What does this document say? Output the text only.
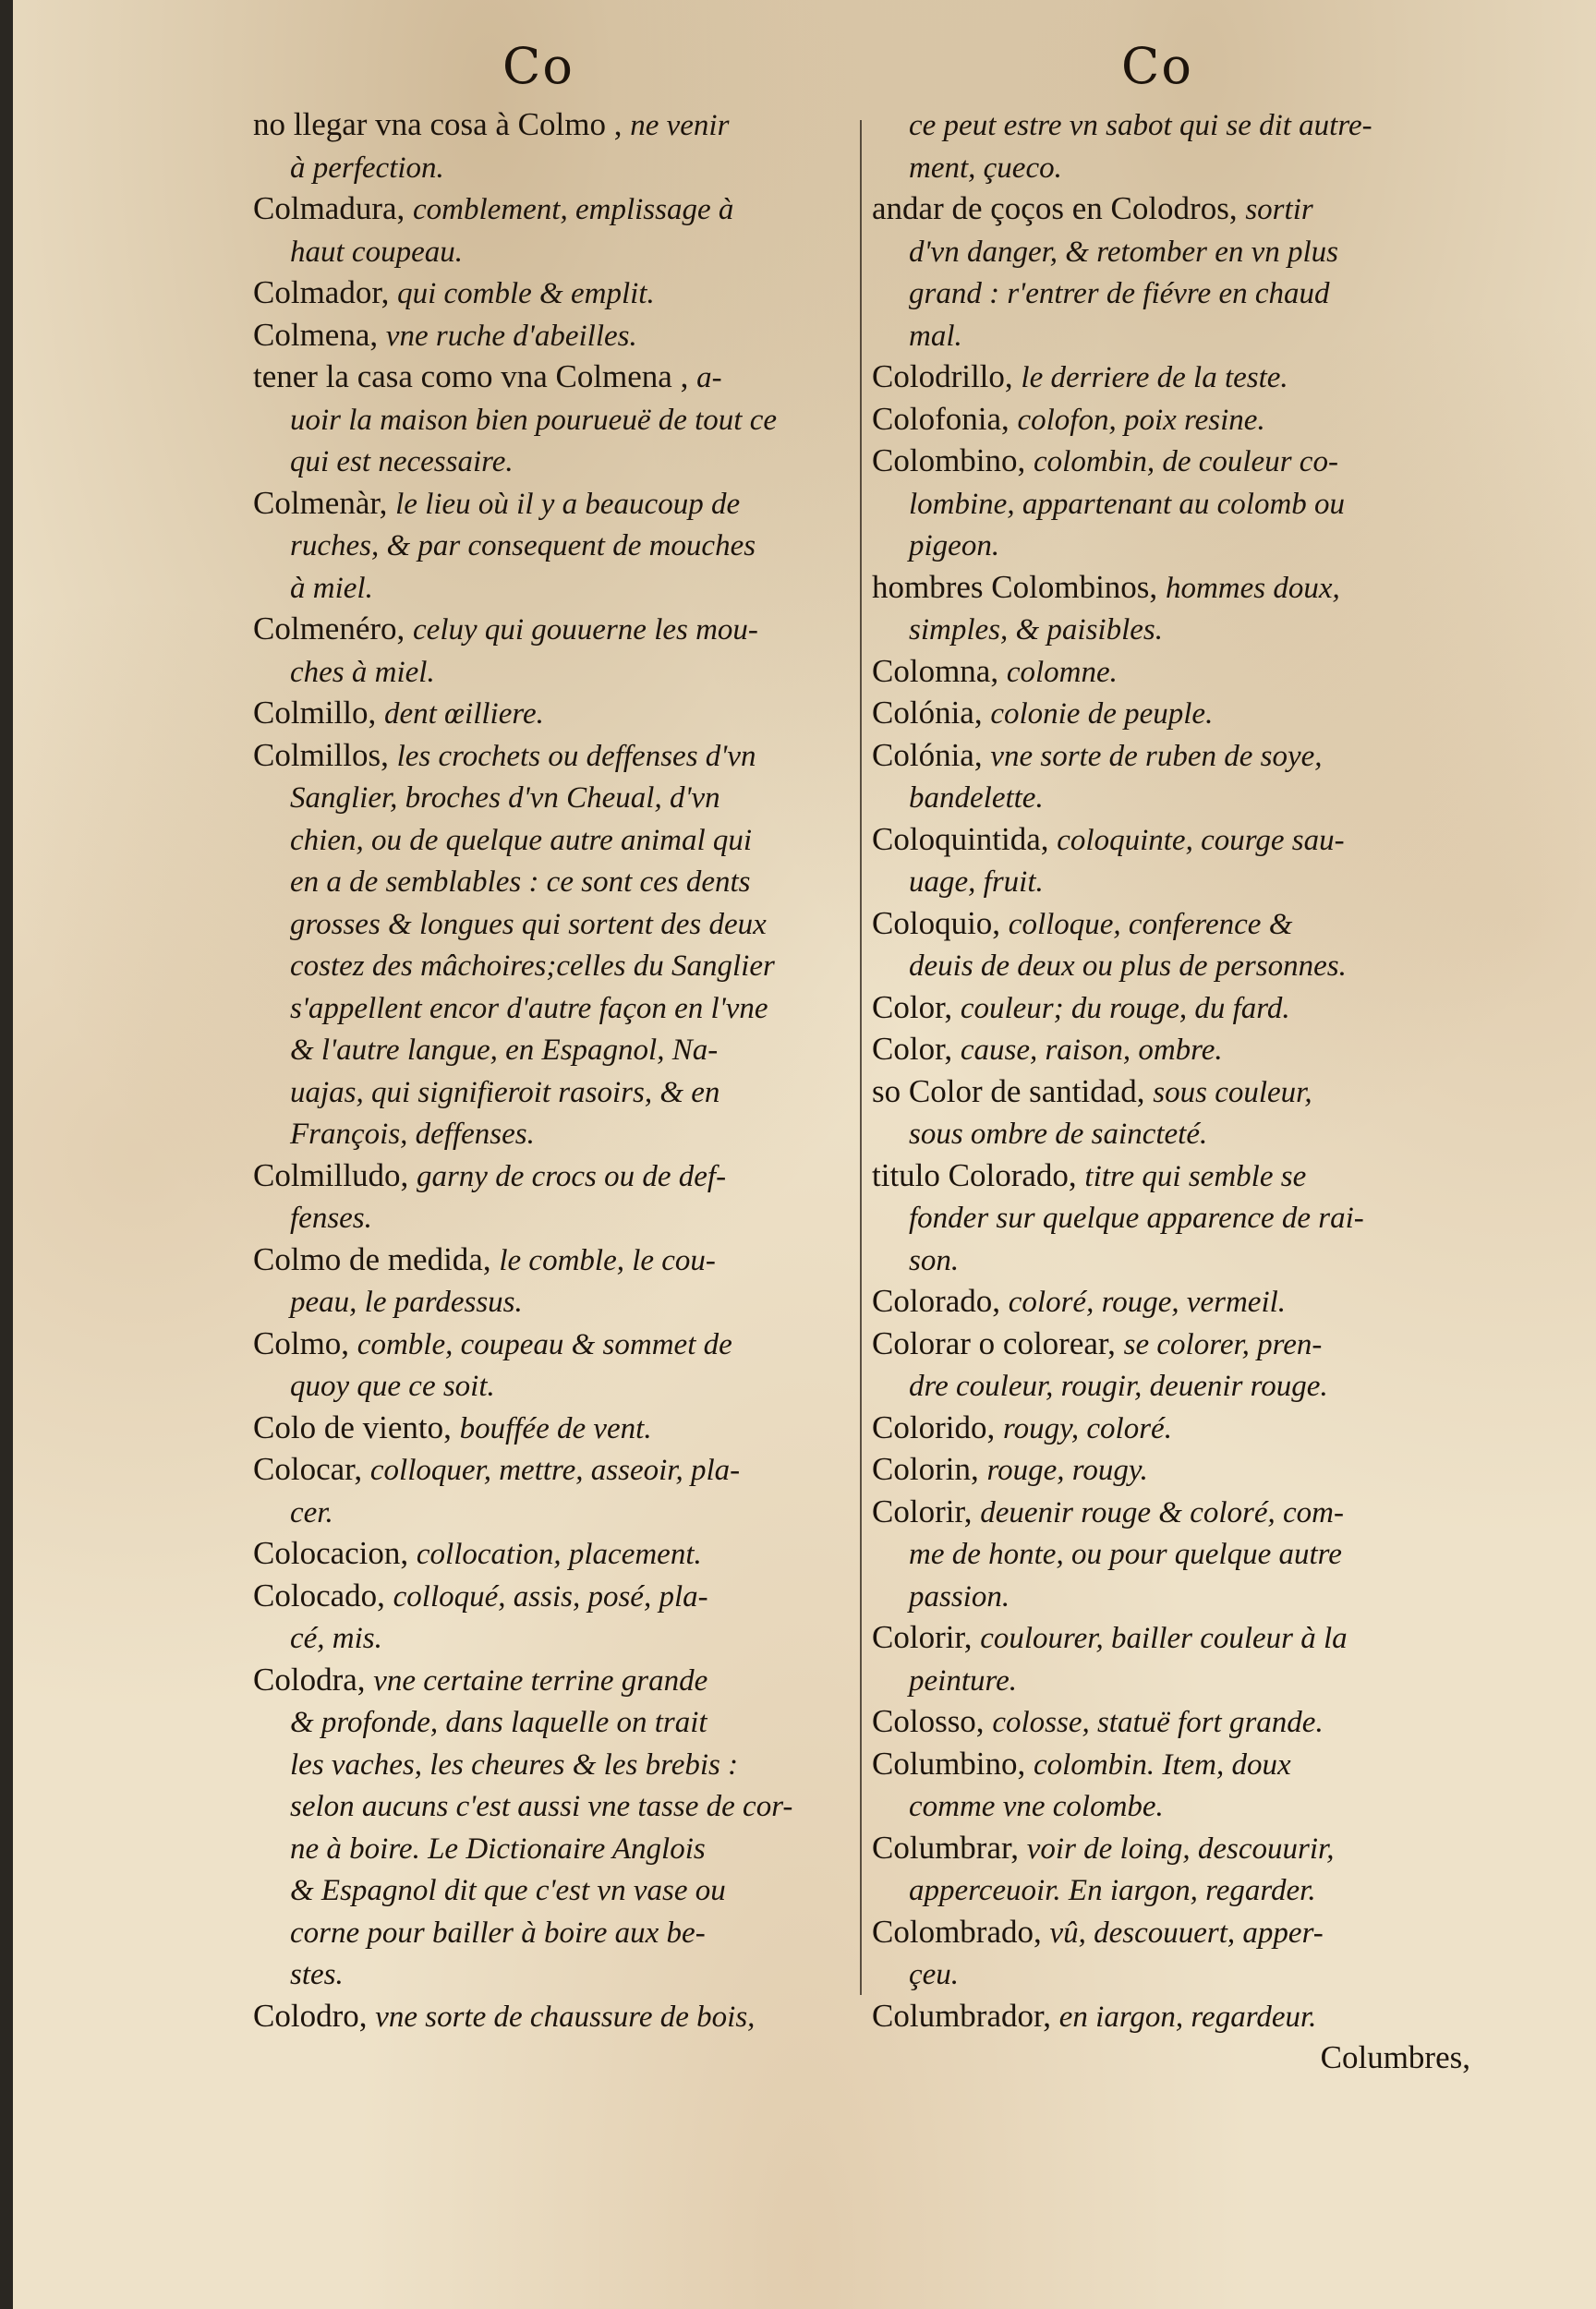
Co	Co
no llegar vna cosa à Colmo , ne venir
à perfection.
Colmadura, comblement, emplissage à
haut coupeau.
Colmador, qui comble & emplit.
Colmena, vne ruche d'abeilles.
tener la casa como vna Colmena , a-
uoir la maison bien pourueuë de tout ce
qui est necessaire.
Colmenàr, le lieu où il y a beaucoup de
ruches, & par consequent de mouches
à miel.
Colmenéro, celuy qui gouuerne les mou-
ches à miel.
Colmillo, dent œilliere.
Colmillos, les crochets ou deffenses d'vn
Sanglier, broches d'vn Cheual, d'vn
chien, ou de quelque autre animal qui
en a de semblables : ce sont ces dents
grosses & longues qui sortent des deux
costez des mâchoires;celles du Sanglier
s'appellent encor d'autre façon en l'vne
& l'autre langue, en Espagnol, Na-
uajas, qui signifieroit rasoirs, & en
François, deffenses.
Colmilludo, garny de crocs ou de def-
fenses.
Colmo de medida, le comble, le cou-
peau, le pardessus.
Colmo, comble, coupeau & sommet de
quoy que ce soit.
Colo de viento, bouffée de vent.
Colocar, colloquer, mettre, asseoir, pla-
cer.
Colocacion, collocation, placement.
Colocado, colloqué, assis, posé, pla-
cé, mis.
Colodra, vne certaine terrine grande
& profonde, dans laquelle on trait
les vaches, les cheures & les brebis :
selon aucuns c'est aussi vne tasse de cor-
ne à boire. Le Dictionaire Anglois
& Espagnol dit que c'est vn vase ou
corne pour bailler à boire aux be-
stes.
Colodro, vne sorte de chaussure de bois,
ce peut estre vn sabot qui se dit autre-
ment, çueco.
andar de çoços en Colodros, sortir
d'vn danger, & retomber en vn plus
grand : r'entrer de fiévre en chaud
mal.
Colodrillo, le derriere de la teste.
Colofonia, colofon, poix resine.
Colombino, colombin, de couleur co-
lombine, appartenant au colomb ou
pigeon.
hombres Colombinos, hommes doux,
simples, & paisibles.
Colomna, colomne.
Colónia, colonie de peuple.
Colónia, vne sorte de ruben de soye,
bandelette.
Coloquintida, coloquinte, courge sau-
uage, fruit.
Coloquio, colloque, conference &
deuis de deux ou plus de personnes.
Color, couleur; du rouge, du fard.
Color, cause, raison, ombre.
so Color de santidad, sous couleur,
sous ombre de saincteté.
titulo Colorado, titre qui semble se
fonder sur quelque apparence de rai-
son.
Colorado, coloré, rouge, vermeil.
Colorar o colorear, se colorer, pren-
dre couleur, rougir, deuenir rouge.
Colorido, rougy, coloré.
Colorin, rouge, rougy.
Colorir, deuenir rouge & coloré, com-
me de honte, ou pour quelque autre
passion.
Colorir, coulourer, bailler couleur à la
peinture.
Colosso, colosse, statuë fort grande.
Columbino, colombin. Item, doux
comme vne colombe.
Columbrar, voir de loing, descouurir,
apperceuoir. En iargon, regarder.
Colombrado, vû, descouuert, apper-
çeu.
Columbrador, en iargon, regardeur.
Columbres,
